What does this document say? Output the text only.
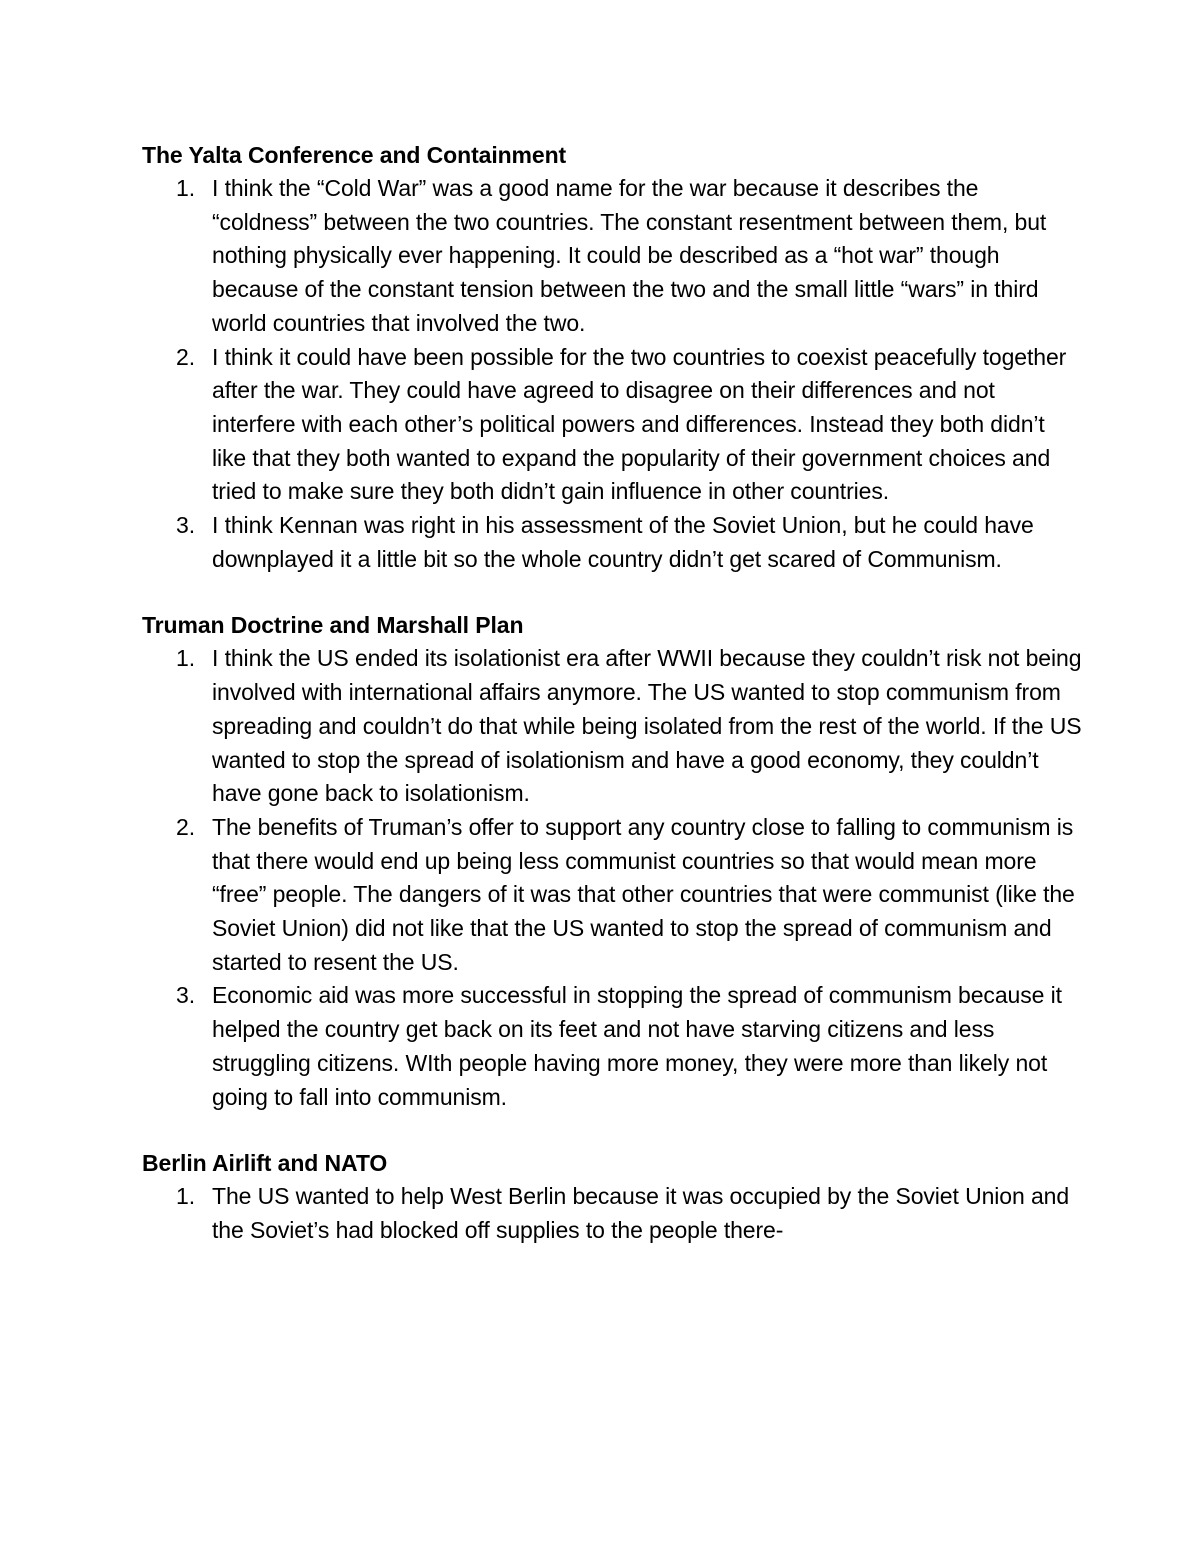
The Yalta Conference and Containment

1. I think the “Cold War” was a good name for the war because it describes the “coldness” between the two countries. The constant resentment between them, but nothing physically ever happening. It could be described as a “hot war” though because of the constant tension between the two and the small little “wars” in third world countries that involved the two.
2. I think it could have been possible for the two countries to coexist peacefully together after the war. They could have agreed to disagree on their differences and not interfere with each other’s political powers and differences. Instead they both didn’t like that they both wanted to expand the popularity of their government choices and tried to make sure they both didn’t gain influence in other countries.
3. I think Kennan was right in his assessment of the Soviet Union, but he could have downplayed it a little bit so the whole country didn’t get scared of Communism.

Truman Doctrine and Marshall Plan

1. I think the US ended its isolationist era after WWII because they couldn’t risk not being involved with international affairs anymore. The US wanted to stop communism from spreading and couldn’t do that while being isolated from the rest of the world. If the US wanted to stop the spread of isolationism and have a good economy, they couldn’t have gone back to isolationism.
2. The benefits of Truman’s offer to support any country close to falling to communism is that there would end up being less communist countries so that would mean more “free” people. The dangers of it was that other countries that were communist (like the Soviet Union) did not like that the US wanted to stop the spread of communism and started to resent the US.
3. Economic aid was more successful in stopping the spread of communism because it helped the country get back on its feet and not have starving citizens and less struggling citizens. WIth people having more money, they were more than likely not going to fall into communism.

Berlin Airlift and NATO

1. The US wanted to help West Berlin because it was occupied by the Soviet Union and the Soviet’s had blocked off supplies to the people there-
